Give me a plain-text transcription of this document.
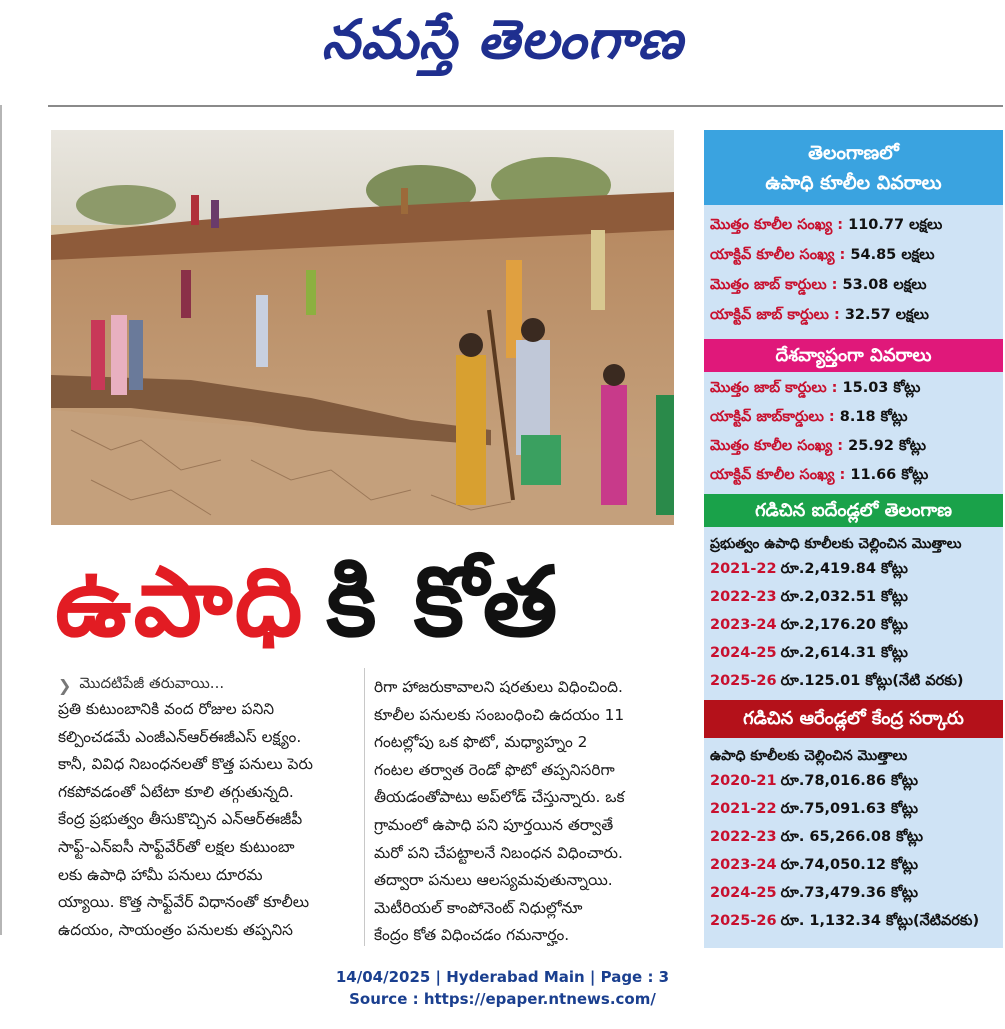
నమస్తే తెలంగాణ
ఉపాధి కి కోత
❯ మొదటిపేజీ తరువాయి...

ప్రతి కుటుంబానికి వంద రోజుల పనిని

కల్పించడమే ఎంజీఎన్‌ఆర్‌ఈజీఎస్ లక్ష్యం.

కానీ, వివిధ నిబంధనలతో కొత్త పనులు పెరు

గకపోవడంతో ఏటేటా కూలి తగ్గుతున్నది.

కేంద్ర ప్రభుత్వం తీసుకొచ్చిన ఎన్‌ఆర్‌ఈజీపీ

సాఫ్ట్-ఎన్‌ఐసీ సాఫ్ట్‌వేర్‌తో లక్షల కుటుంబా

లకు ఉపాధి హామీ పనులు దూరమ

య్యాయి. కొత్త సాఫ్ట్‌వేర్ విధానంతో కూలీలు

ఉదయం, సాయంత్రం పనులకు తప్పనిస

రిగా హాజరుకావాలని షరతులు విధించింది.

కూలీల పనులకు సంబంధించి ఉదయం 11

గంటల్లోపు ఒక ఫొటో, మధ్యాహ్నం 2

గంటల తర్వాత రెండో ఫొటో తప్పనిసరిగా

తీయడంతోపాటు అప్‌లోడ్ చేస్తున్నారు. ఒక

గ్రామంలో ఉపాధి పని పూర్తయిన తర్వాతే

మరో పని చేపట్టాలనే నిబంధన విధించారు.

తద్వారా పనులు ఆలస్యమవుతున్నాయి.

మెటీరియల్ కాంపోనెంట్ నిధుల్లోనూ

కేంద్రం కోత విధించడం గమనార్హం.

తెలంగాణలో
ఉపాధి కూలీల వివరాలు
మొత్తం కూలీల సంఖ్య : 110.77 లక్షలు
యాక్టివ్ కూలీల సంఖ్య : 54.85 లక్షలు
మొత్తం జాబ్ కార్డులు : 53.08 లక్షలు
యాక్టివ్ జాబ్ కార్డులు : 32.57 లక్షలు
దేశవ్యాప్తంగా వివరాలు
మొత్తం జాబ్ కార్డులు : 15.03 కోట్లు
యాక్టివ్ జాబ్‌కార్డులు : 8.18 కోట్లు
మొత్తం కూలీల సంఖ్య : 25.92 కోట్లు
యాక్టివ్ కూలీల సంఖ్య : 11.66 కోట్లు
గడిచిన ఐదేండ్లలో తెలంగాణ
ప్రభుత్వం ఉపాధి కూలీలకు చెల్లించిన మొత్తాలు
2021-22 రూ.2,419.84 కోట్లు
2022-23 రూ.2,032.51 కోట్లు
2023-24 రూ.2,176.20 కోట్లు
2024-25 రూ.2,614.31 కోట్లు
2025-26 రూ.125.01 కోట్లు(నేటి వరకు)
గడిచిన ఆరేండ్లలో కేంద్ర సర్కారు
ఉపాధి కూలీలకు చెల్లించిన మొత్తాలు
2020-21 రూ.78,016.86 కోట్లు
2021-22 రూ.75,091.63 కోట్లు
2022-23 రూ. 65,266.08 కోట్లు
2023-24 రూ.74,050.12 కోట్లు
2024-25 రూ.73,479.36 కోట్లు
2025-26 రూ. 1,132.34 కోట్లు(నేటివరకు)
14/04/2025 | Hyderabad Main | Page : 3
Source : https://epaper.ntnews.com/
